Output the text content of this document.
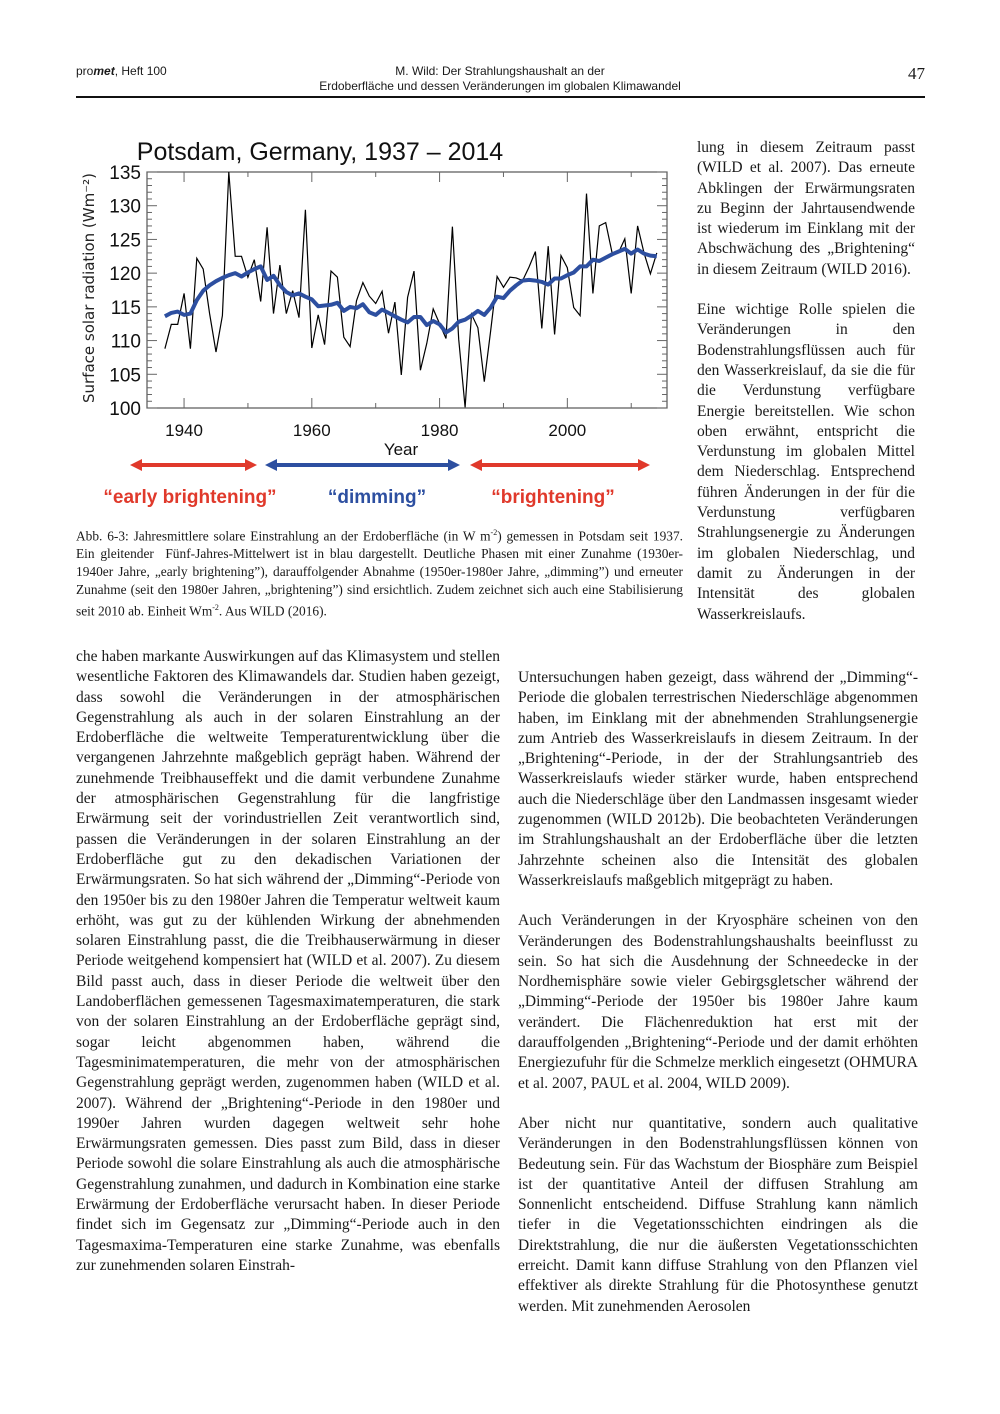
promet, Heft 100	M. Wild: Der Strahlungshaushalt an der
Erdoberfläche und dessen Veränderungen im globalen Klimawandel
47
Potsdam, Germany, 1937 – 2014
Surface solar radiation (Wm⁻²)
Year
100
105
110
115
120
125
130
135
1940	1960	1980	2000
“early brightening”	“dimming”	“brightening”
Abb. 6-3: Jahresmittlere solare Einstrahlung an der Erdoberfläche (in W $m^{-2}$) gemessen in Potsdam seit 1937. Ein gleitender  Fünf-Jahres-Mittelwert ist in blau dargestellt. Deutliche Phasen mit einer Zunahme (1930er-1940er Jahre, „early brightening”), darauffolgender Abnahme (1950er-1980er Jahre, „dimming”) und erneuter Zunahme (seit den 1980er Jahren, „brightening”) sind ersichtlich. Zudem zeichnet sich auch eine Stabilisierung seit 2010 ab. Einheit $Wm^{-2}$. Aus WILD (2016).

lung in diesem Zeitraum passt (WILD et al. 2007). Das erneute Abklingen der Erwärmungsraten zu Beginn der Jahrtausendwende ist wiederum im Einklang mit der Abschwächung des „Brightening“ in diesem Zeitraum (WILD 2016).

Eine wichtige Rolle spielen die Veränderungen in den Bodenstrahlungsflüssen auch für den Wasserkreislauf, da sie die für die Verdunstung verfügbare Energie bereitstellen. Wie schon oben erwähnt, entspricht die Verdunstung im globalen Mittel dem Niederschlag. Entsprechend führen Änderungen in der für die Verdunstung verfügbaren Strahlungsenergie zu Änderungen im globalen Niederschlag, und damit zu Änderungen in der Intensität des globalen Wasserkreislaufs.

che haben markante Auswirkungen auf das Klimasystem und stellen wesentliche Faktoren des Klimawandels dar. Studien haben gezeigt, dass sowohl die Veränderungen in der atmosphärischen Gegenstrahlung als auch in der solaren Einstrahlung an der Erdoberfläche die weltweite Temperaturentwicklung über die vergangenen Jahrzehnte maßgeblich geprägt haben. Während der zunehmende Treibhauseffekt und die damit verbundene Zunahme der atmosphärischen Gegenstrahlung für die langfristige Erwärmung seit der vorindustriellen Zeit verantwortlich sind, passen die Veränderungen in der solaren Einstrahlung an der Erdoberfläche gut zu den dekadischen Variationen der Erwärmungsraten. So hat sich während der „Dimming“-Periode von den 1950er bis zu den 1980er Jahren die Temperatur weltweit kaum erhöht, was gut zu der kühlenden Wirkung der abnehmenden solaren Einstrahlung passt, die die Treibhauserwärmung in dieser Periode weitgehend kompensiert hat (WILD et al. 2007). Zu diesem Bild passt auch, dass in dieser Periode die weltweit über den Landoberflächen gemessenen Tagesmaximatemperaturen, die stark von der solaren Einstrahlung an der Erdoberfläche geprägt sind, sogar leicht abgenommen haben, während die Tagesminimatemperaturen, die mehr von der atmosphärischen Gegenstrahlung geprägt werden, zugenommen haben (WILD et al. 2007). Während der „Brightening“-Periode in den 1980er und 1990er Jahren wurden dagegen weltweit sehr hohe Erwärmungsraten gemessen. Dies passt zum Bild, dass in dieser Periode sowohl die solare Einstrahlung als auch die atmosphärische Gegenstrahlung zunahmen, und dadurch in Kombination eine starke Erwärmung der Erdoberfläche verursacht haben. In dieser Periode findet sich im Gegensatz zur „Dimming“-Periode auch in den Tagesmaxima-Temperaturen eine starke Zunahme, was ebenfalls zur zunehmenden solaren Einstrah-

Untersuchungen haben gezeigt, dass während der „Dimming“-Periode die globalen terrestrischen Niederschläge abgenommen haben, im Einklang mit der abnehmenden Strahlungsenergie zum Antrieb des Wasserkreislaufs in diesem Zeitraum. In der „Brightening“-Periode, in der der Strahlungsantrieb des Wasserkreislaufs wieder stärker wurde, haben entsprechend auch die Niederschläge über den Landmassen insgesamt wieder zugenommen (WILD 2012b). Die beobachteten Veränderungen im Strahlungshaushalt an der Erdoberfläche über die letzten Jahrzehnte scheinen also die Intensität des globalen Wasserkreislaufs maßgeblich mitgeprägt zu haben.

Auch Veränderungen in der Kryosphäre scheinen von den Veränderungen des Bodenstrahlungshaushalts beeinflusst zu sein. So hat sich die Ausdehnung der Schneedecke in der Nordhemisphäre sowie vieler Gebirgsgletscher während der „Dimming“-Periode der 1950er bis 1980er Jahre kaum verändert. Die Flächenreduktion hat erst mit der darauffolgenden „Brightening“-Periode und der damit erhöhten Energiezufuhr für die Schmelze merklich eingesetzt (OHMURA et al. 2007, PAUL et al. 2004, WILD 2009).

Aber nicht nur quantitative, sondern auch qualitative Veränderungen in den Bodenstrahlungsflüssen können von Bedeutung sein. Für das Wachstum der Biosphäre zum Beispiel ist der quantitative Anteil der diffusen Strahlung am Sonnenlicht entscheidend. Diffuse Strahlung kann nämlich tiefer in die Vegetationsschichten eindringen als die Direktstrahlung, die nur die äußersten Vegetationsschichten erreicht. Damit kann diffuse Strahlung von den Pflanzen viel effektiver als direkte Strahlung für die Photosynthese genutzt werden. Mit zunehmenden Aerosolen
